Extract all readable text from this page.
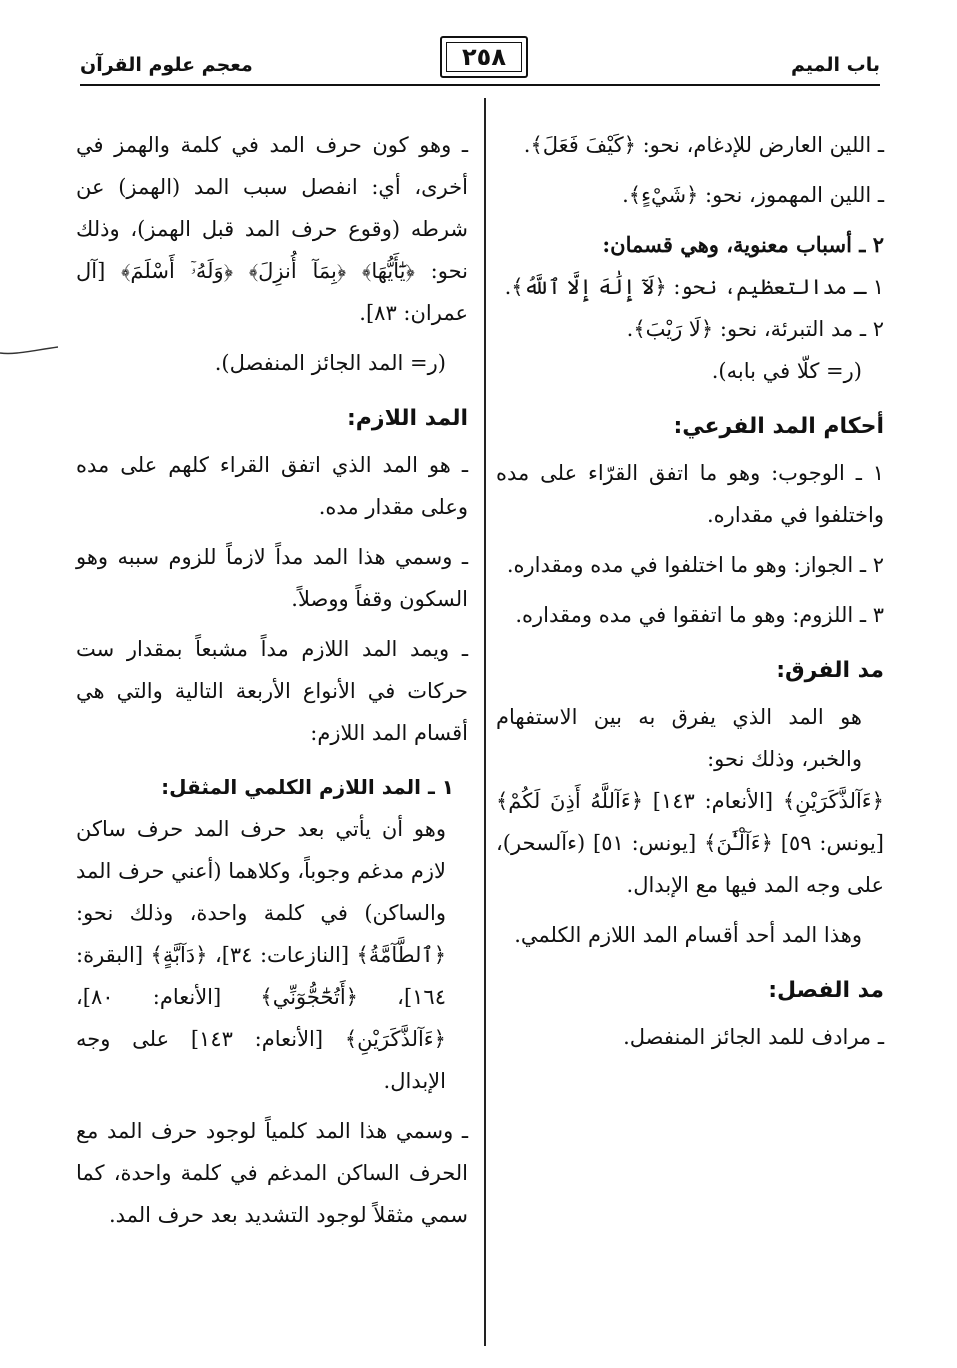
معجم علوم القرآن	٢٥٨	باب الميم

ـ اللين العارض للإدغام، نحو: ﴿كَيْفَ فَعَلَ﴾.

ـ اللين المهموز، نحو: ﴿شَيْءٍ﴾.

٢ ـ أسباب معنوية، وهي قسمان:

١ ـ مدالتعظيم، نحو: ﴿لَآ إِلَٰهَ إِلَّا ٱللَّهُ﴾.

٢ ـ مد التبرئة، نحو: ﴿لَا رَيْبَ﴾.

(ر= كلّا في بابه).

أحكام المد الفرعي:

١ ـ الوجوب: وهو ما اتفق القرّاء على مده واختلفوا في مقداره.

٢ ـ الجواز: وهو ما اختلفوا في مده ومقداره.

٣ ـ اللزوم: وهو ما اتفقوا في مده ومقداره.

مد الفرق:

هو المد الذي يفرق به بين الاستفهام والخبر، وذلك نحو:

﴿ءَآلذَّكَرَيْنِ﴾ [الأنعام: ١٤٣] ﴿ءَآللَّهُ أَذِنَ لَكُمْ﴾ [يونس: ٥٩] ﴿ءَآلْـَٰٔنَ﴾ [يونس: ٥١] (ءآلسحر)، على وجه المد فيها مع الإبدال.

وهذا المد أحد أقسام المد اللازم الكلمي.

مد الفصل:

ـ مرادف للمد الجائز المنفصل.

ـ وهو كون حرف المد في كلمة والهمز في أخرى، أي: انفصل سبب المد (الهمز) عن شرطه (وقوع حرف المد قبل الهمز)، وذلك نحو: ﴿يَٰٓأَيُّهَا﴾ ﴿بِمَآ أُنزِلَ﴾ ﴿وَلَهُۥٓ أَسْلَمَ﴾ [آل عمران: ٨٣].

(ر= المد الجائز المنفصل).

المد اللازم:

ـ هو المد الذي اتفق القراء كلهم على مده وعلى مقدار مده.

ـ وسمي هذا المد مداً لازماً للزوم سببه وهو السكون وقفاً ووصلاً.

ـ ويمد المد اللازم مداً مشبعاً بمقدار ست حركات في الأنواع الأربعة التالية والتي هي أقسام المد اللازم:

١ ـ المد اللازم الكلمي المثقل:

وهو أن يأتي بعد حرف المد حرف ساكن لازم مدغم وجوباً، وكلاهما (أعني حرف المد والساكن) في كلمة واحدة، وذلك نحو: ﴿ٱلطَّآمَّةُ﴾ [النازعات: ٣٤]، ﴿دَآبَّةٍ﴾ [البقرة: ١٦٤]، ﴿أَتُحَٰٓجُّوٓنِّي﴾ [الأنعام: ٨٠]، ﴿ءَآلذَّكَرَيْنِ﴾ [الأنعام: ١٤٣] على وجه الإبدال.

ـ وسمي هذا المد كلمياً لوجود حرف المد مع الحرف الساكن المدغم في كلمة واحدة، كما سمي مثقلاً لوجود التشديد بعد حرف المد.
